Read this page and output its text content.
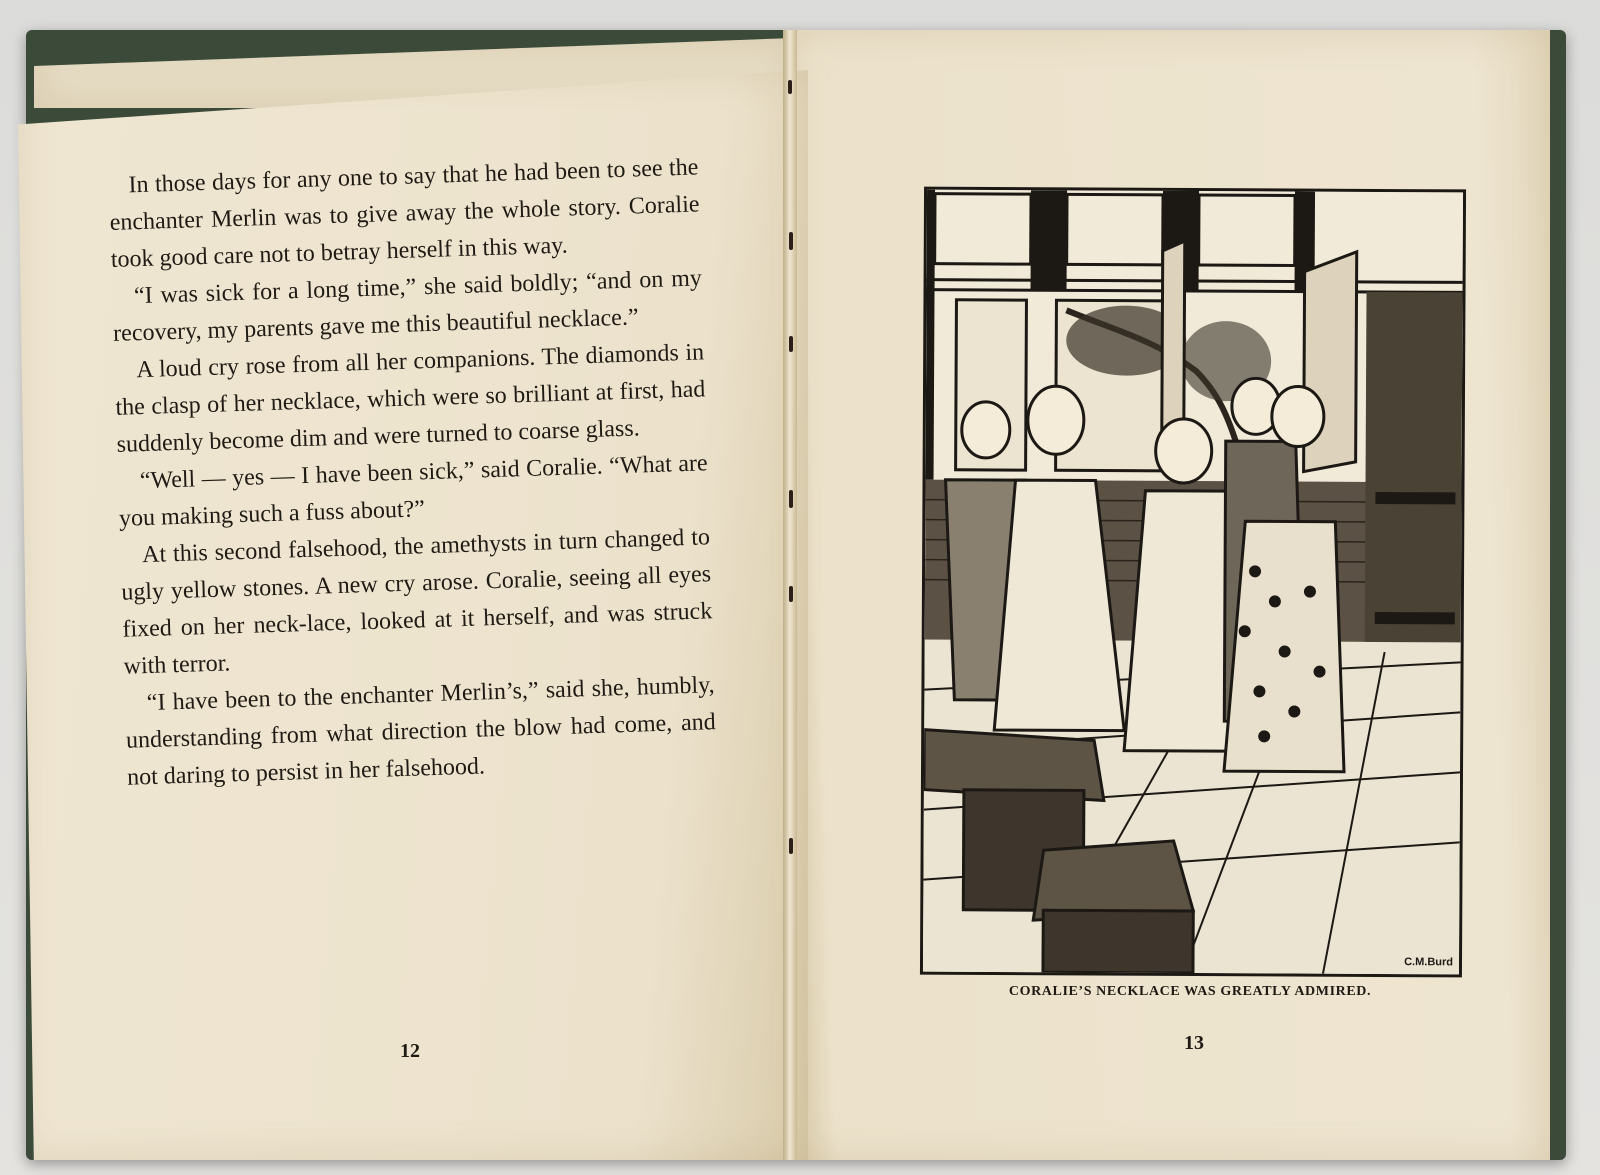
In those days for any one to say that he had been to see the enchanter Merlin was to give away the whole story. Coralie took good care not to betray herself in this way.

“I was sick for a long time,” she said boldly; “and on my recovery, my parents gave me this beautiful necklace.”

A loud cry rose from all her companions. The diamonds in the clasp of her necklace, which were so brilliant at first, had suddenly become dim and were turned to coarse glass.

“Well — yes — I have been sick,” said Coralie. “What are you making such a fuss about?”

At this second falsehood, the amethysts in turn changed to ugly yellow stones. A new cry arose. Coralie, seeing all eyes fixed on her neck-lace, looked at it herself, and was struck with terror.

“I have been to the enchanter Merlin’s,” said she, humbly, understanding from what direction the blow had come, and not daring to persist in her falsehood.

12
C.M.Burd
CORALIE’S NECKLACE WAS GREATLY ADMIRED.
13
